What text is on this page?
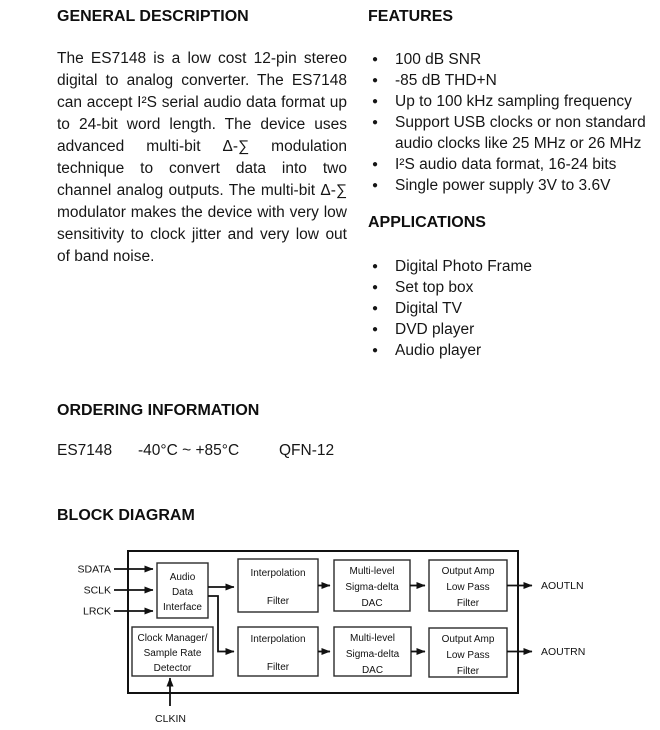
GENERAL DESCRIPTION
The ES7148 is a low cost 12-pin stereo digital to analog converter. The ES7148 can accept I²S serial audio data format up to 24-bit word length. The device uses advanced multi-bit Δ-∑ modulation technique to convert data into two channel analog outputs. The multi-bit Δ-∑ modulator makes the device with very low sensitivity to clock jitter and very low out of band noise.
FEATURES
●	100 dB SNR
●	-85 dB THD+N
●	Up to 100 kHz sampling frequency
●	Support USB clocks or non standard audio clocks like 25 MHz or 26 MHz
●	I²S audio data format, 16-24 bits
●	Single power supply 3V to 3.6V
APPLICATIONS
●	Digital Photo Frame
●	Set top box
●	Digital TV
●	DVD player
●	Audio player
ORDERING INFORMATION
ES7148 -40°C ~ +85°C	QFN-12
BLOCK DIAGRAM
SDATA
SCLK
LRCK
Audio
Data
Interface
Clock Manager/
Sample Rate
Detector
Interpolation
Filter
Interpolation
Filter
Multi-level
Sigma-delta
DAC
Multi-level
Sigma-delta
DAC
Output Amp
Low Pass
Filter
Output Amp
Low Pass
Filter
AOUTLN
AOUTRN
CLKIN
